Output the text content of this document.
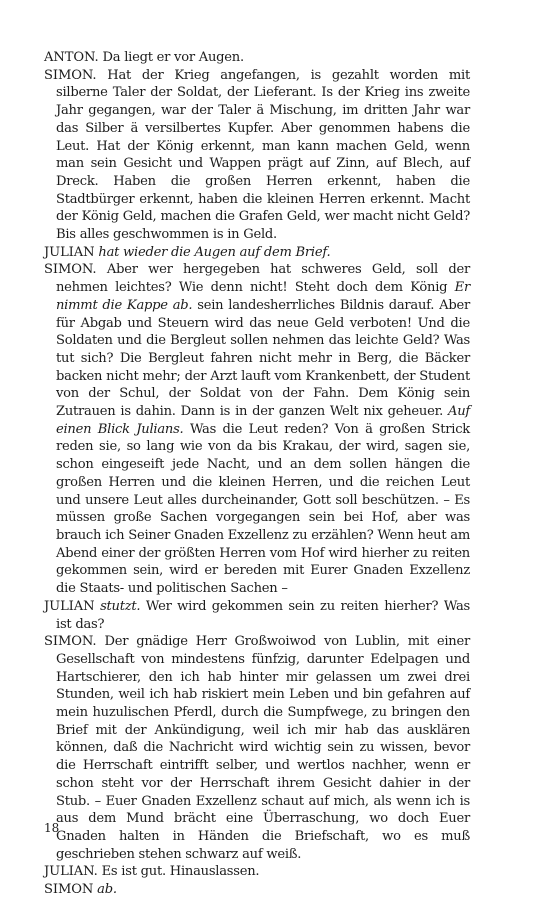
ANTON. Da liegt er vor Augen.

SIMON. Hat der Krieg angefangen, is gezahlt worden mit silberne Taler der Soldat, der Lieferant. Is der Krieg ins zweite Jahr gegangen, war der Taler ä Mischung, im dritten Jahr war das Silber ä versilbertes Kupfer. Aber genommen habens die Leut. Hat der König erkennt, man kann machen Geld, wenn man sein Gesicht und Wappen prägt auf Zinn, auf Blech, auf Dreck. Haben die großen Herren erkennt, haben die Stadtbürger erkennt, haben die kleinen Herren erkennt. Macht der König Geld, machen die Grafen Geld, wer macht nicht Geld? Bis alles geschwommen is in Geld.

JULIAN hat wieder die Augen auf dem Brief.

SIMON. Aber wer hergegeben hat schweres Geld, soll der nehmen leichtes? Wie denn nicht! Steht doch dem König Er nimmt die Kappe ab. sein landesherrliches Bildnis darauf. Aber für Abgab und Steuern wird das neue Geld verboten! Und die Soldaten und die Bergleut sollen nehmen das leichte Geld? Was tut sich? Die Bergleut fahren nicht mehr in Berg, die Bäcker backen nicht mehr; der Arzt lauft vom Krankenbett, der Student von der Schul, der Soldat von der Fahn. Dem König sein Zutrauen is dahin. Dann is in der ganzen Welt nix geheuer. Auf einen Blick Julians. Was die Leut reden? Von ä großen Strick reden sie, so lang wie von da bis Krakau, der wird, sagen sie, schon eingeseift jede Nacht, und an dem sollen hängen die großen Herren und die kleinen Herren, und die reichen Leut und unsere Leut alles durcheinander, Gott soll beschützen. – Es müssen große Sachen vorgegangen sein bei Hof, aber was brauch ich Seiner Gnaden Exzellenz zu erzählen? Wenn heut am Abend einer der größten Herren vom Hof wird hierher zu reiten gekommen sein, wird er bereden mit Eurer Gnaden Exzellenz die Staats- und politischen Sachen –

JULIAN stutzt. Wer wird gekommen sein zu reiten hierher? Was ist das?

SIMON. Der gnädige Herr Großwoiwod von Lublin, mit einer Gesellschaft von mindestens fünfzig, darunter Edelpagen und Hartschierer, den ich hab hinter mir gelassen um zwei drei Stunden, weil ich hab riskiert mein Leben und bin gefahren auf mein huzulischen Pferdl, durch die Sumpfwege, zu bringen den Brief mit der Ankündigung, weil ich mir hab das ausklären können, daß die Nachricht wird wichtig sein zu wissen, bevor die Herrschaft eintrifft selber, und wertlos nachher, wenn er schon steht vor der Herrschaft ihrem Gesicht dahier in der Stub. – Euer Gnaden Exzellenz schaut auf mich, als wenn ich is aus dem Mund brächt eine Überraschung, wo doch Euer Gnaden halten in Händen die Briefschaft, wo es muß geschrieben stehen schwarz auf weiß.

JULIAN. Es ist gut. Hinauslassen.

SIMON ab.

18
